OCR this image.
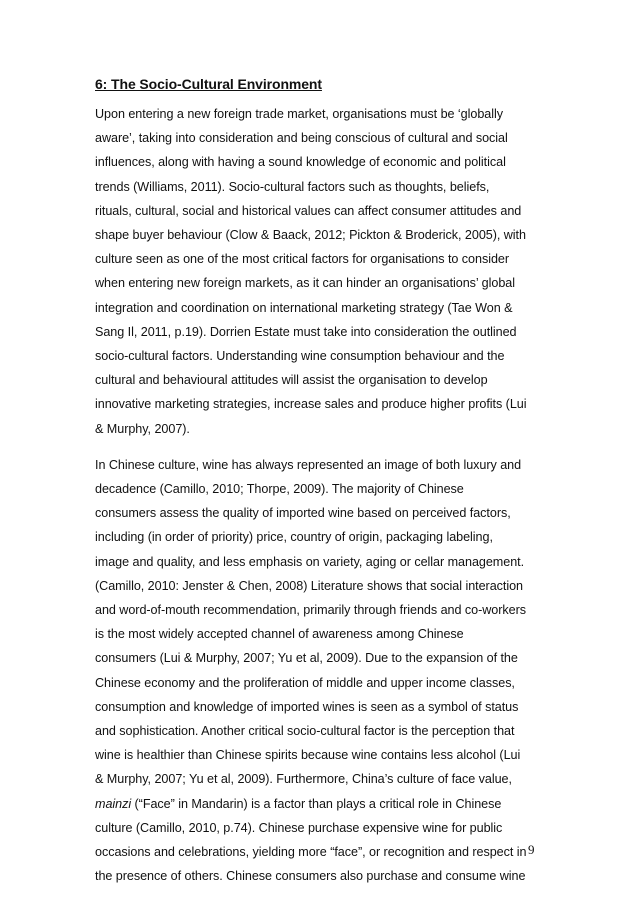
6: The Socio-Cultural Environment
Upon entering a new foreign trade market, organisations must be ‘globally
aware’, taking into consideration and being conscious of cultural and social
influences, along with having a sound knowledge of economic and political
trends (Williams, 2011). Socio-cultural factors such as thoughts, beliefs,
rituals, cultural, social and historical values can affect consumer attitudes and
shape buyer behaviour (Clow & Baack, 2012; Pickton & Broderick, 2005), with
culture seen as one of the most critical factors for organisations to consider
when entering new foreign markets, as it can hinder an organisations’ global
integration and coordination on international marketing strategy (Tae Won &
Sang Il, 2011, p.19). Dorrien Estate must take into consideration the outlined
socio-cultural factors. Understanding wine consumption behaviour and the
cultural and behavioural attitudes will assist the organisation to develop
innovative marketing strategies, increase sales and produce higher profits (Lui
& Murphy, 2007).
In Chinese culture, wine has always represented an image of both luxury and
decadence (Camillo, 2010; Thorpe, 2009). The majority of Chinese
consumers assess the quality of imported wine based on perceived factors,
including (in order of priority) price, country of origin, packaging labeling,
image and quality, and less emphasis on variety, aging or cellar management.
(Camillo, 2010: Jenster & Chen, 2008) Literature shows that social interaction
and word-of-mouth recommendation, primarily through friends and co-workers
is the most widely accepted channel of awareness among Chinese
consumers (Lui & Murphy, 2007; Yu et al, 2009). Due to the expansion of the
Chinese economy and the proliferation of middle and upper income classes,
consumption and knowledge of imported wines is seen as a symbol of status
and sophistication. Another critical socio-cultural factor is the perception that
wine is healthier than Chinese spirits because wine contains less alcohol (Lui
& Murphy, 2007; Yu et al, 2009). Furthermore, China’s culture of face value,
mainzi (“Face” in Mandarin) is a factor than plays a critical role in Chinese
culture (Camillo, 2010, p.74). Chinese purchase expensive wine for public
occasions and celebrations, yielding more “face”, or recognition and respect in
the presence of others. Chinese consumers also purchase and consume wine
9
